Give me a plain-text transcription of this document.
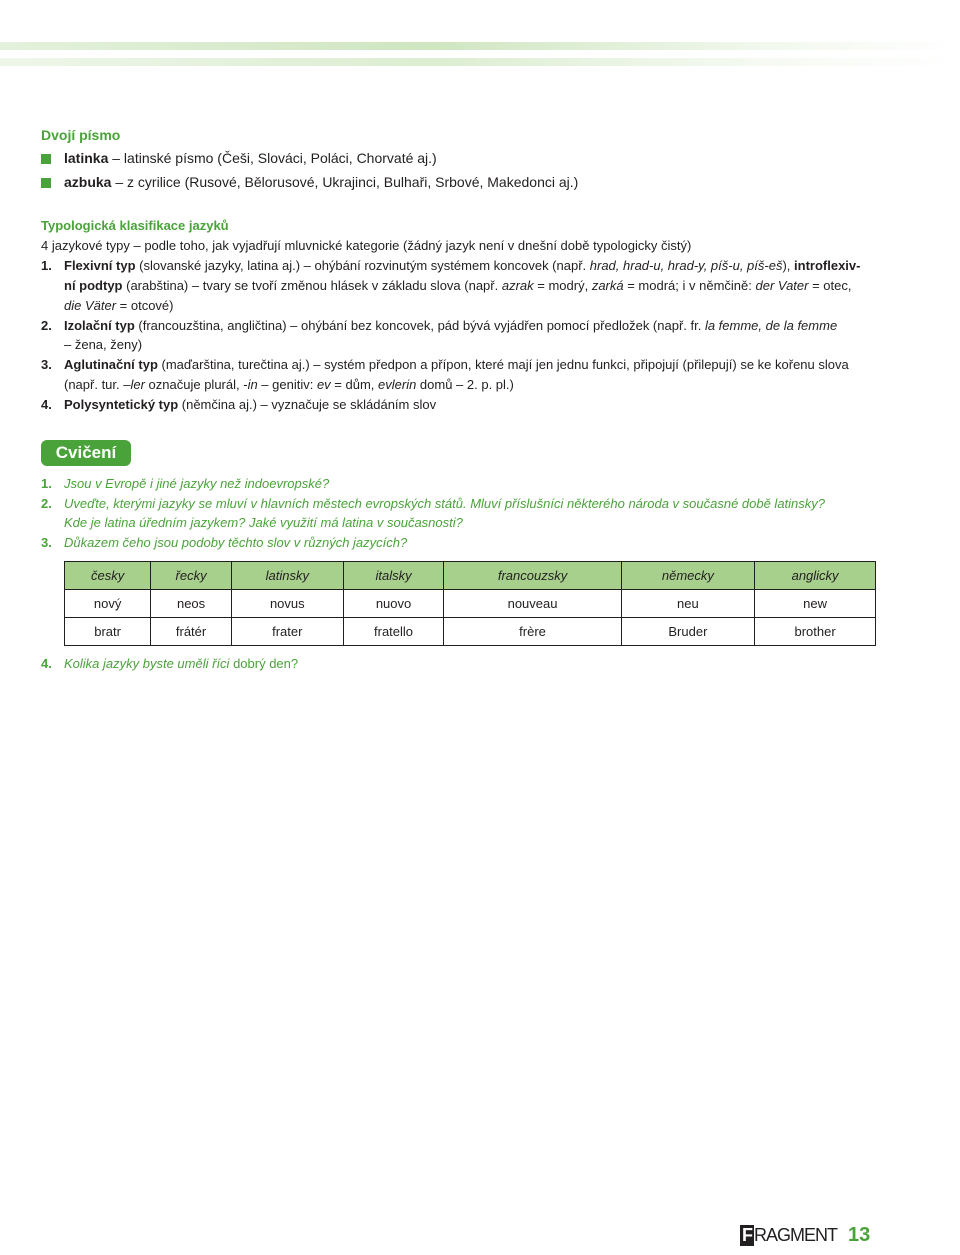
Dvojí písmo
latinka – latinské písmo (Češi, Slováci, Poláci, Chorvaté aj.)
azbuka – z cyrilice (Rusové, Bělorusové, Ukrajinci, Bulhaři, Srbové, Makedonci aj.)
Typologická klasifikace jazyků
4 jazykové typy – podle toho, jak vyjadřují mluvnické kategorie (žádný jazyk není v dnešní době typologicky čistý)
1. Flexivní typ (slovanské jazyky, latina aj.) – ohýbání rozvinutým systémem koncovek (např. hrad, hrad-u, hrad-y, píš-u, píš-eš), introflexiv-
ní podtyp (arabština) – tvary se tvoří změnou hlásek v základu slova (např. azrak = modrý, zarká = modrá; i v němčině: der Vater = otec,
die Väter = otcové)
2. Izolační typ (francouzština, angličtina) – ohýbání bez koncovek, pád bývá vyjádřen pomocí předložek (např. fr. la femme, de la femme
– žena, ženy)
3. Aglutinační typ (maďarština, turečtina aj.) – systém předpon a přípon, které mají jen jednu funkci, připojují (přilepují) se ke kořenu slova
(např. tur. –ler označuje plurál, -in – genitiv: ev = dům, evlerin domů – 2. p. pl.)
4. Polysyntetický typ (němčina aj.) – vyznačuje se skládáním slov
Cvičení
1. Jsou v Evropě i jiné jazyky než indoevropské?
2. Uveďte, kterými jazyky se mluví v hlavních městech evropských států. Mluví příslušníci některého národa v současné době latinsky?
Kde je latina úředním jazykem? Jaké využití má latina v současnosti?
3. Důkazem čeho jsou podoby těchto slov v různých jazycích?
česky	řecky	latinsky	italsky	francouzsky	německy	anglicky
nový	neos	novus	nuovo	nouveau	neu	new
bratr	frátér	frater	fratello	frère	Bruder	brother
4. Kolika jazyky byste uměli říci dobrý den?
F RAGMENT 13
